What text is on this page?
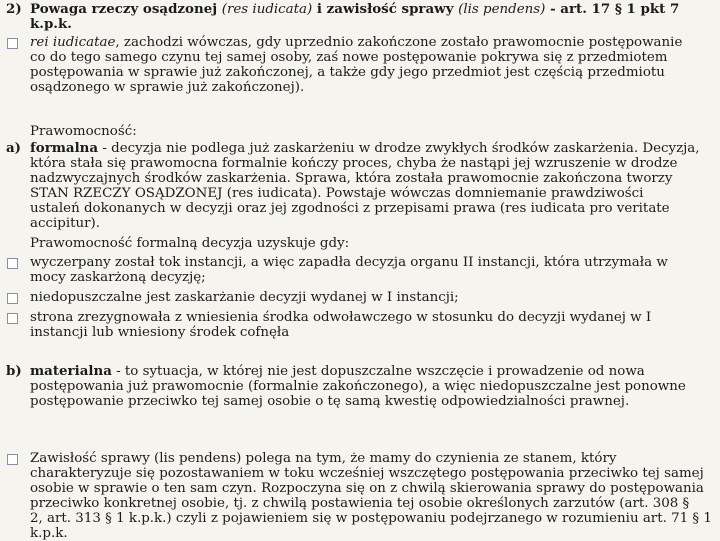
2) Powaga rzeczy osądzonej (res iudicata) i zawisłość sprawy (lis pendens) - art. 17 § 1 pkt 7
k.p.k.
rei iudicatae, zachodzi wówczas, gdy uprzednio zakończone zostało prawomocnie postępowanie
co do tego samego czynu tej samej osoby, zaś nowe postępowanie pokrywa się z przedmiotem
postępowania w sprawie już zakończonej, a także gdy jego przedmiot jest częścią przedmiotu
osądzonego w sprawie już zakończonej).
Prawomocność:
a) formalna - decyzja nie podlega już zaskarżeniu w drodze zwykłych środków zaskarżenia. Decyzja,
która stała się prawomocna formalnie kończy proces, chyba że nastąpi jej wzruszenie w drodze
nadzwyczajnych środków zaskarżenia. Sprawa, która została prawomocnie zakończona tworzy
STAN RZECZY OSĄDZONEJ (res iudicata). Powstaje wówczas domniemanie prawdziwości
ustaleń dokonanych w decyzji oraz jej zgodności z przepisami prawa (res iudicata pro veritate
accipitur).
Prawomocność formalną decyzja uzyskuje gdy:
wyczerpany został tok instancji, a więc zapadła decyzja organu II instancji, która utrzymała w
mocy zaskarżoną decyzję;
niedopuszczalne jest zaskarżanie decyzji wydanej w I instancji;
strona zrezygnowała z wniesienia środka odwoławczego w stosunku do decyzji wydanej w I
instancji lub wniesiony środek cofnęła
b) materialna - to sytuacja, w której nie jest dopuszczalne wszczęcie i prowadzenie od nowa
postępowania już prawomocnie (formalnie zakończonego), a więc niedopuszczalne jest ponowne
postępowanie przeciwko tej samej osobie o tę samą kwestię odpowiedzialności prawnej.
Zawisłość sprawy (lis pendens) polega na tym, że mamy do czynienia ze stanem, który
charakteryzuje się pozostawaniem w toku wcześniej wszczętego postępowania przeciwko tej samej
osobie w sprawie o ten sam czyn. Rozpoczyna się on z chwilą skierowania sprawy do postępowania
przeciwko konkretnej osobie, tj. z chwilą postawienia tej osobie określonych zarzutów (art. 308 §
2, art. 313 § 1 k.p.k.) czyli z pojawieniem się w postępowaniu podejrzanego w rozumieniu art. 71 § 1
k.p.k.
